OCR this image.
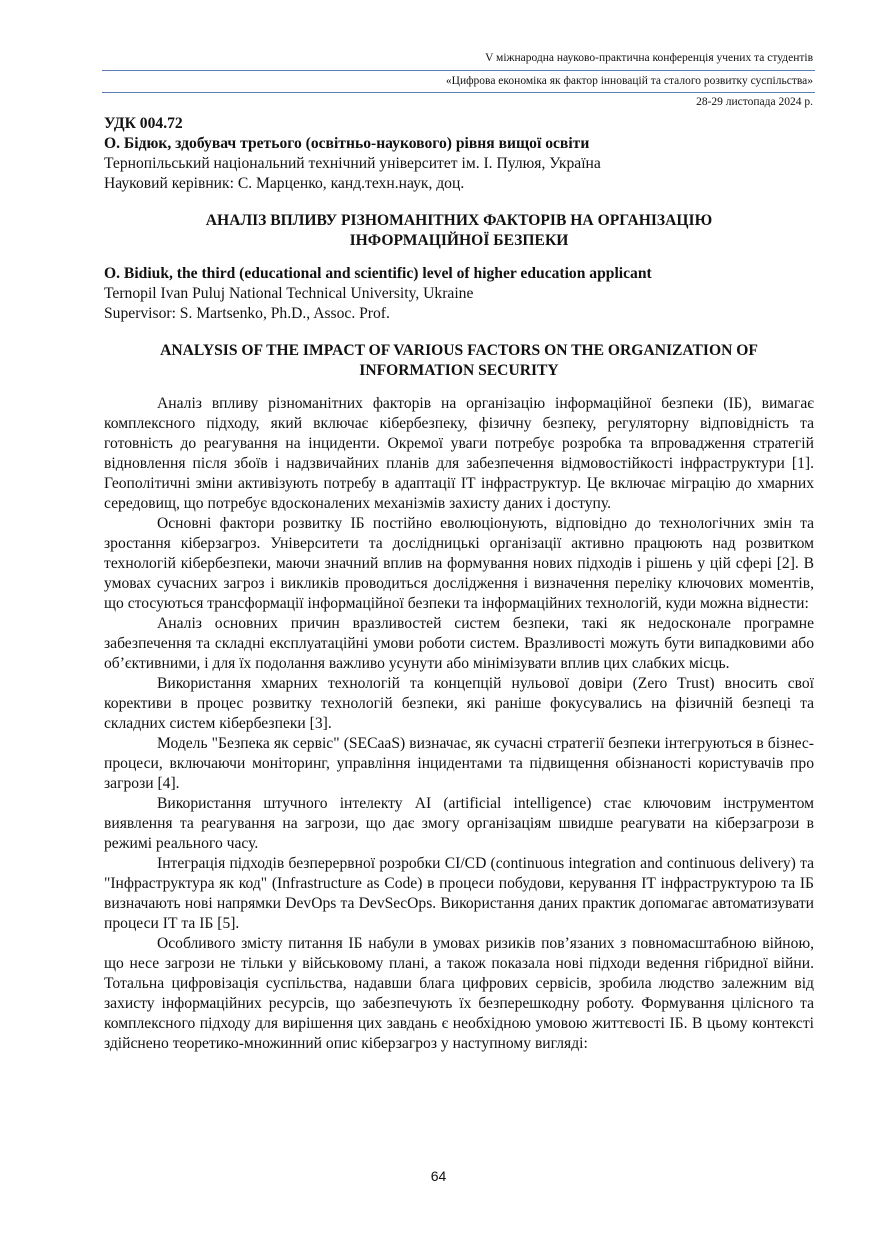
V міжнародна науково-практична конференція учених та студентів
«Цифрова економіка як фактор інновацій та сталого розвитку суспільства»
28-29 листопада 2024 р.

УДК 004.72

О. Бідюк, здобувач третього (освітньо-наукового) рівня вищої освіти

Тернопільський національний технічний університет ім. І. Пулюя, Україна

Науковий керівник: С. Марценко, канд.техн.наук, доц.

АНАЛІЗ ВПЛИВУ РІЗНОМАНІТНИХ ФАКТОРІВ НА ОРГАНІЗАЦІЮ

ІНФОРМАЦІЙНОЇ БЕЗПЕКИ

O. Bidiuk, the third (educational and scientific) level of higher education applicant

Ternopil Ivan Puluj National Technical University, Ukraine

Supervisor: S. Martsenko, Ph.D., Assoc. Prof.

ANALYSIS OF THE IMPACT OF VARIOUS FACTORS ON THE ORGANIZATION OF

INFORMATION SECURITY

Аналіз впливу різноманітних факторів на організацію інформаційної безпеки (ІБ), вимагає комплексного підходу, який включає кібербезпеку, фізичну безпеку, регуляторну відповідність та готовність до реагування на інциденти. Окремої уваги потребує розробка та впровадження стратегій відновлення після збоїв і надзвичайних планів для забезпечення відмовостійкості інфраструктури [1]. Геополітичні зміни активізують потребу в адаптації ІТ інфраструктур. Це включає міграцію до хмарних середовищ, що потребує вдосконалених механізмів захисту даних і доступу.

Основні фактори розвитку ІБ постійно еволюціонують, відповідно до технологічних змін та зростання кіберзагроз. Університети та дослідницькі організації активно працюють над розвитком технологій кібербезпеки, маючи значний вплив на формування нових підходів і рішень у цій сфері [2]. В умовах сучасних загроз і викликів проводиться дослідження і визначення переліку ключових моментів, що стосуються трансформації інформаційної безпеки та інформаційних технологій, куди можна віднести:

Аналіз основних причин вразливостей систем безпеки, такі як недосконале програмне забезпечення та складні експлуатаційні умови роботи систем. Вразливості можуть бути випадковими або об’єктивними, і для їх подолання важливо усунути або мінімізувати вплив цих слабких місць.

Використання хмарних технологій та концепцій нульової довіри (Zero Trust) вносить свої корективи в процес розвитку технологій безпеки, які раніше фокусувались на фізичній безпеці та складних систем кібербезпеки [3].

Модель "Безпека як сервіс" (SECaaS) визначає, як сучасні стратегії безпеки інтегруються в бізнес-процеси, включаючи моніторинг, управління інцидентами та підвищення обізнаності користувачів про загрози [4].

Використання штучного інтелекту AI (artificial intelligence) стає ключовим інструментом виявлення та реагування на загрози, що дає змогу організаціям швидше реагувати на кіберзагрози в режимі реального часу.

Інтеграція підходів безперервної розробки CI/CD (continuous integration and continuous delivery) та "Інфраструктура як код" (Infrastructure as Code) в процеси побудови, керування ІТ інфраструктурою та ІБ визначають нові напрямки DevOps та DevSecOps. Використання даних практик допомагає автоматизувати процеси ІТ та ІБ [5].

Особливого змісту питання ІБ набули в умовах ризиків пов’язаних з повномасштабною війною, що несе загрози не тільки у військовому плані, а також показала нові підходи ведення гібридної війни. Тотальна цифровізація суспільства, надавши блага цифрових сервісів, зробила людство залежним від захисту інформаційних ресурсів, що забезпечують їх безперешкодну роботу. Формування цілісного та комплексного підходу для вирішення цих завдань є необхідною умовою життєвості ІБ. В цьому контексті здійснено теоретико-множинний опис кіберзагроз у наступному вигляді:

64
